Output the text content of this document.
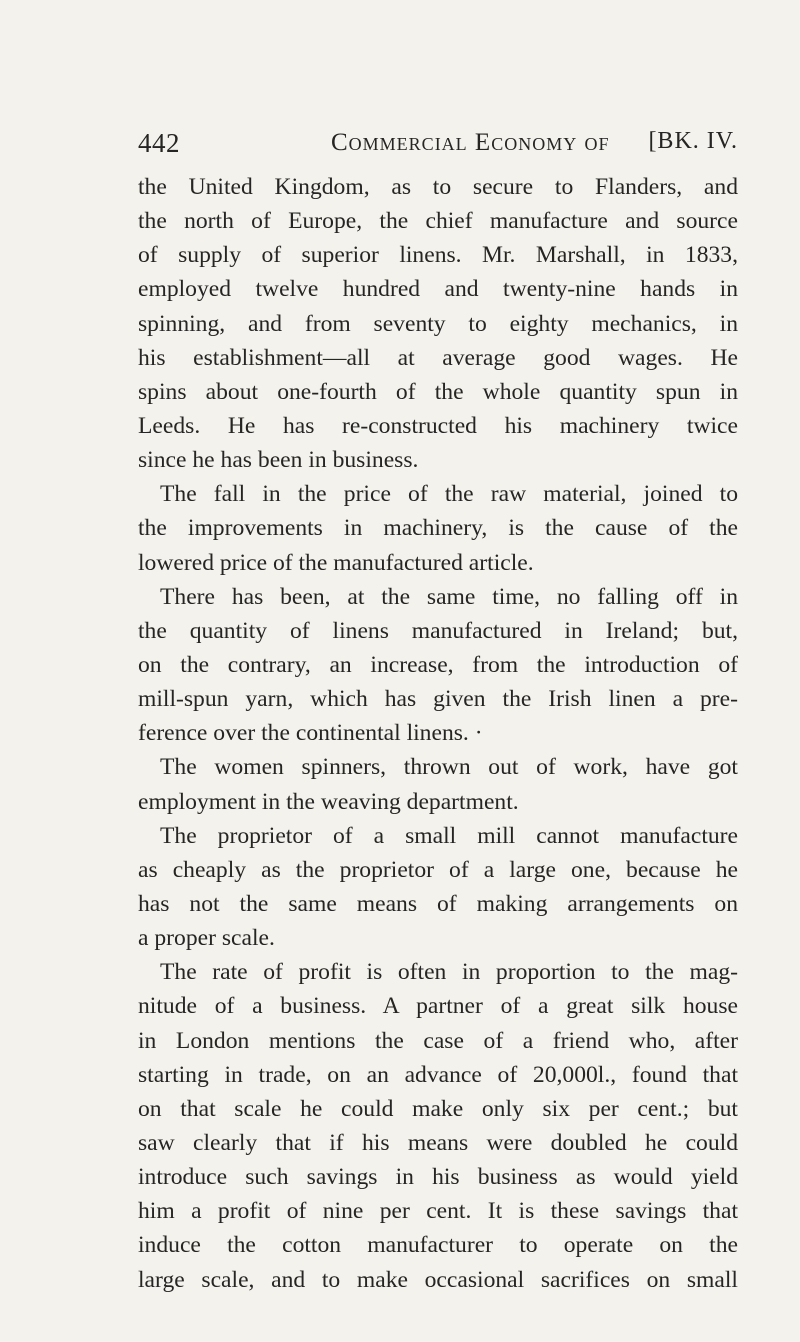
442	Commercial Economy of [BK. IV.
the United Kingdom, as to secure to Flanders, and
the north of Europe, the chief manufacture and source
of supply of superior linens. Mr. Marshall, in 1833,
employed twelve hundred and twenty-nine hands in
spinning, and from seventy to eighty mechanics, in
his establishment—all at average good wages. He
spins about one-fourth of the whole quantity spun in
Leeds. He has re-constructed his machinery twice
since he has been in business.
The fall in the price of the raw material, joined to
the improvements in machinery, is the cause of the
lowered price of the manufactured article.
There has been, at the same time, no falling off in
the quantity of linens manufactured in Ireland; but,
on the contrary, an increase, from the introduction of
mill-spun yarn, which has given the Irish linen a pre-
ference over the continental linens. ·
The women spinners, thrown out of work, have got
employment in the weaving department.
The proprietor of a small mill cannot manufacture
as cheaply as the proprietor of a large one, because he
has not the same means of making arrangements on
a proper scale.
The rate of profit is often in proportion to the mag-
nitude of a business. A partner of a great silk house
in London mentions the case of a friend who, after
starting in trade, on an advance of 20,000l., found that
on that scale he could make only six per cent.; but
saw clearly that if his means were doubled he could
introduce such savings in his business as would yield
him a profit of nine per cent. It is these savings that
induce the cotton manufacturer to operate on the
large scale, and to make occasional sacrifices on small
